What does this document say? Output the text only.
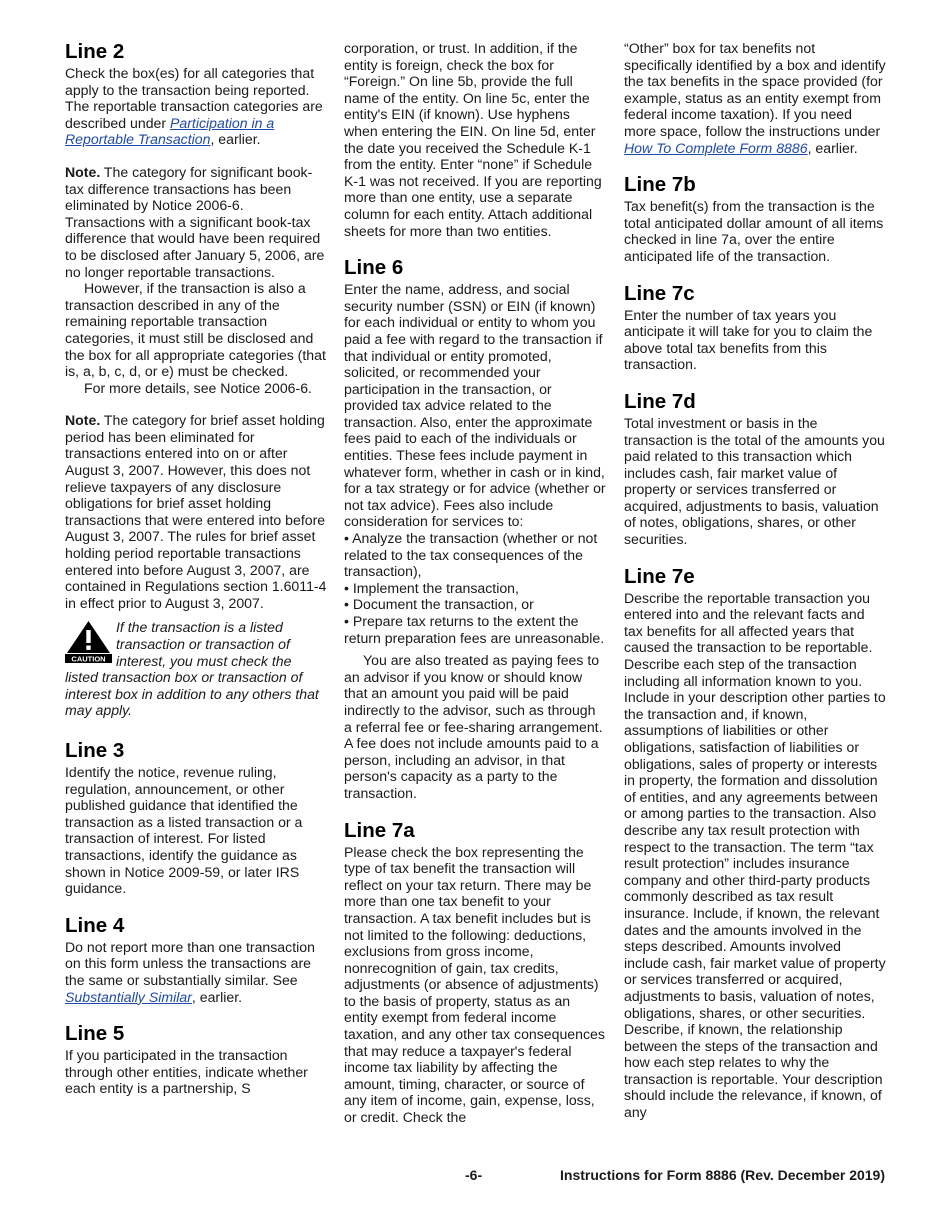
Line 2

Check the box(es) for all categories that apply to the transaction being reported. The reportable transaction categories are described under Participation in a Reportable Transaction, earlier.

Note. The category for significant book-tax difference transactions has been eliminated by Notice 2006-6. Transactions with a significant book-tax difference that would have been required to be disclosed after January 5, 2006, are no longer reportable transactions.

However, if the transaction is also a transaction described in any of the remaining reportable transaction categories, it must still be disclosed and the box for all appropriate categories (that is, a, b, c, d, or e) must be checked.

For more details, see Notice 2006-6.

Note. The category for brief asset holding period has been eliminated for transactions entered into on or after August 3, 2007. However, this does not relieve taxpayers of any disclosure obligations for brief asset holding transactions that were entered into before August 3, 2007. The rules for brief asset holding period reportable transactions entered into before August 3, 2007, are contained in Regulations section 1.6011-4 in effect prior to August 3, 2007.

CAUTION
If the transaction is a listed transaction or transaction of interest, you must check the listed transaction box or transaction of interest box in addition to any others that may apply.
Line 3

Identify the notice, revenue ruling, regulation, announcement, or other published guidance that identified the transaction as a listed transaction or a transaction of interest. For listed transactions, identify the guidance as shown in Notice 2009-59, or later IRS guidance.

Line 4

Do not report more than one transaction on this form unless the transactions are the same or substantially similar. See Substantially Similar, earlier.

Line 5

If you participated in the transaction through other entities, indicate whether each entity is a partnership, S

corporation, or trust. In addition, if the entity is foreign, check the box for “Foreign.” On line 5b, provide the full name of the entity. On line 5c, enter the entity's EIN (if known). Use hyphens when entering the EIN. On line 5d, enter the date you received the Schedule K-1 from the entity. Enter “none” if Schedule K-1 was not received. If you are reporting more than one entity, use a separate column for each entity. Attach additional sheets for more than two entities.

Line 6

Enter the name, address, and social security number (SSN) or EIN (if known) for each individual or entity to whom you paid a fee with regard to the transaction if that individual or entity promoted, solicited, or recommended your participation in the transaction, or provided tax advice related to the transaction. Also, enter the approximate fees paid to each of the individuals or entities. These fees include payment in whatever form, whether in cash or in kind, for a tax strategy or for advice (whether or not tax advice). Fees also include consideration for services to:

• Analyze the transaction (whether or not related to the tax consequences of the transaction),

• Implement the transaction,

• Document the transaction, or

• Prepare tax returns to the extent the return preparation fees are unreasonable.

You are also treated as paying fees to an advisor if you know or should know that an amount you paid will be paid indirectly to the advisor, such as through a referral fee or fee-sharing arrangement. A fee does not include amounts paid to a person, including an advisor, in that person's capacity as a party to the transaction.

Line 7a

Please check the box representing the type of tax benefit the transaction will reflect on your tax return. There may be more than one tax benefit to your transaction. A tax benefit includes but is not limited to the following: deductions, exclusions from gross income, nonrecognition of gain, tax credits, adjustments (or absence of adjustments) to the basis of property, status as an entity exempt from federal income taxation, and any other tax consequences that may reduce a taxpayer's federal income tax liability by affecting the amount, timing, character, or source of any item of income, gain, expense, loss, or credit. Check the

“Other” box for tax benefits not specifically identified by a box and identify the tax benefits in the space provided (for example, status as an entity exempt from federal income taxation). If you need more space, follow the instructions under How To Complete Form 8886, earlier.

Line 7b

Tax benefit(s) from the transaction is the total anticipated dollar amount of all items checked in line 7a, over the entire anticipated life of the transaction.

Line 7c

Enter the number of tax years you anticipate it will take for you to claim the above total tax benefits from this transaction.

Line 7d

Total investment or basis in the transaction is the total of the amounts you paid related to this transaction which includes cash, fair market value of property or services transferred or acquired, adjustments to basis, valuation of notes, obligations, shares, or other securities.

Line 7e

Describe the reportable transaction you entered into and the relevant facts and tax benefits for all affected years that caused the transaction to be reportable. Describe each step of the transaction including all information known to you. Include in your description other parties to the transaction and, if known, assumptions of liabilities or other obligations, satisfaction of liabilities or obligations, sales of property or interests in property, the formation and dissolution of entities, and any agreements between or among parties to the transaction. Also describe any tax result protection with respect to the transaction. The term “tax result protection” includes insurance company and other third-party products commonly described as tax result insurance. Include, if known, the relevant dates and the amounts involved in the steps described. Amounts involved include cash, fair market value of property or services transferred or acquired, adjustments to basis, valuation of notes, obligations, shares, or other securities. Describe, if known, the relationship between the steps of the transaction and how each step relates to why the transaction is reportable. Your description should include the relevance, if known, of any

-6-	Instructions for Form 8886 (Rev. December 2019)
